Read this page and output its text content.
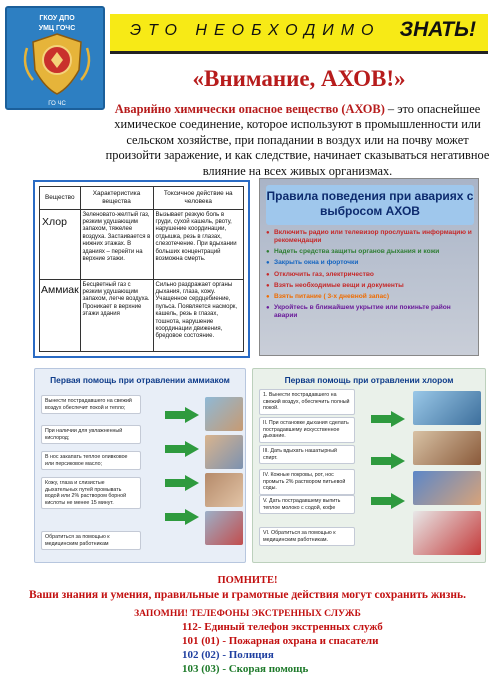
ГКОУ ДПО
УМЦ ГОЧС
ГО ЧС
ЭТО НЕОБХОДИМО ЗНАТЬ!
«Внимание, АХОВ!»
Аварийно химически опасное вещество (АХОВ) – это опаснейшее химическое соединение, которое используют в промышленности или сельском хозяйстве, при попадании в воздух или на почву может произойти заражение, и как следствие, начинает сказываться негативное влияние на всех живых организмах.
Вещество	Характеристика вещества	Токсичное действие на человека
Хлор	Зеленовато-желтый газ, резким удушающим запахом, тяжелее воздуха. Застаивается в нижних этажах. В зданиях – перейти на верхние этажи.	Вызывает резкую боль в груди, сухой кашель, рвоту, нарушение координации, отдышка, резь в глазах, слезотечение. При вдыхании больших концентраций возможна смерть.
Аммиак	Бесцветный газ с резким удушающим запахом, легче воздуха. Проникает в верхние этажи здания	Сильно раздражает органы дыхания, глаза, кожу. Учащенное сердцебиение, пульса. Появляется насморк, кашель, резь в глазах, тошнота, нарушение координации движения, бредовое состояние.
Правила поведения при авариях с выбросом АХОВ
● Включить радио или телевизор прослушать информацию и рекомендации
● Надеть средства защиты органов дыхания и кожи
● Закрыть окна и форточки
● Отключить газ, электричество
● Взять необходимые вещи и документы
● Взять питание ( 3-х дневной запас)
● Укройтесь в ближайшем укрытие или покиньте район аварии
Первая помощь при отравлении аммиаком
Вынести пострадавшего на свежий воздух обеспечит покой и тепло;
При наличии для увлажненный кислород;
В нос закапать теплое оливковое или персиковое масло;
Кожу, глаза и слизистые дыхательных путей промывать водой или 2% раствором борной кислоты не менее 15 минут.
Обратиться за помощью к медицинским работникам
Первая помощь при отравлении хлором
1. Вынести пострадавшего на свежий воздух, обеспечить полный покой.
II. При остановке дыхания сделать пострадавшему искусственное дыхание.
III. Дать вдыхать нашатырный спирт.
IV. Кожные покровы, рот, нос промыть 2% раствором питьевой соды.
V. Дать пострадавшему выпить теплое молоко с содой, кофе
VI. Обратиться за помощью к медицинским работникам.
ПОМНИТЕ!
Ваши знания и умения, правильные и грамотные действия могут сохранить жизнь.
ЗАПОМНИ! ТЕЛЕФОНЫ ЭКСТРЕННЫХ СЛУЖБ
112- Единый телефон экстренных служб
101 (01) - Пожарная охрана и спасатели
102 (02) - Полиция
103 (03) - Скорая помощь
